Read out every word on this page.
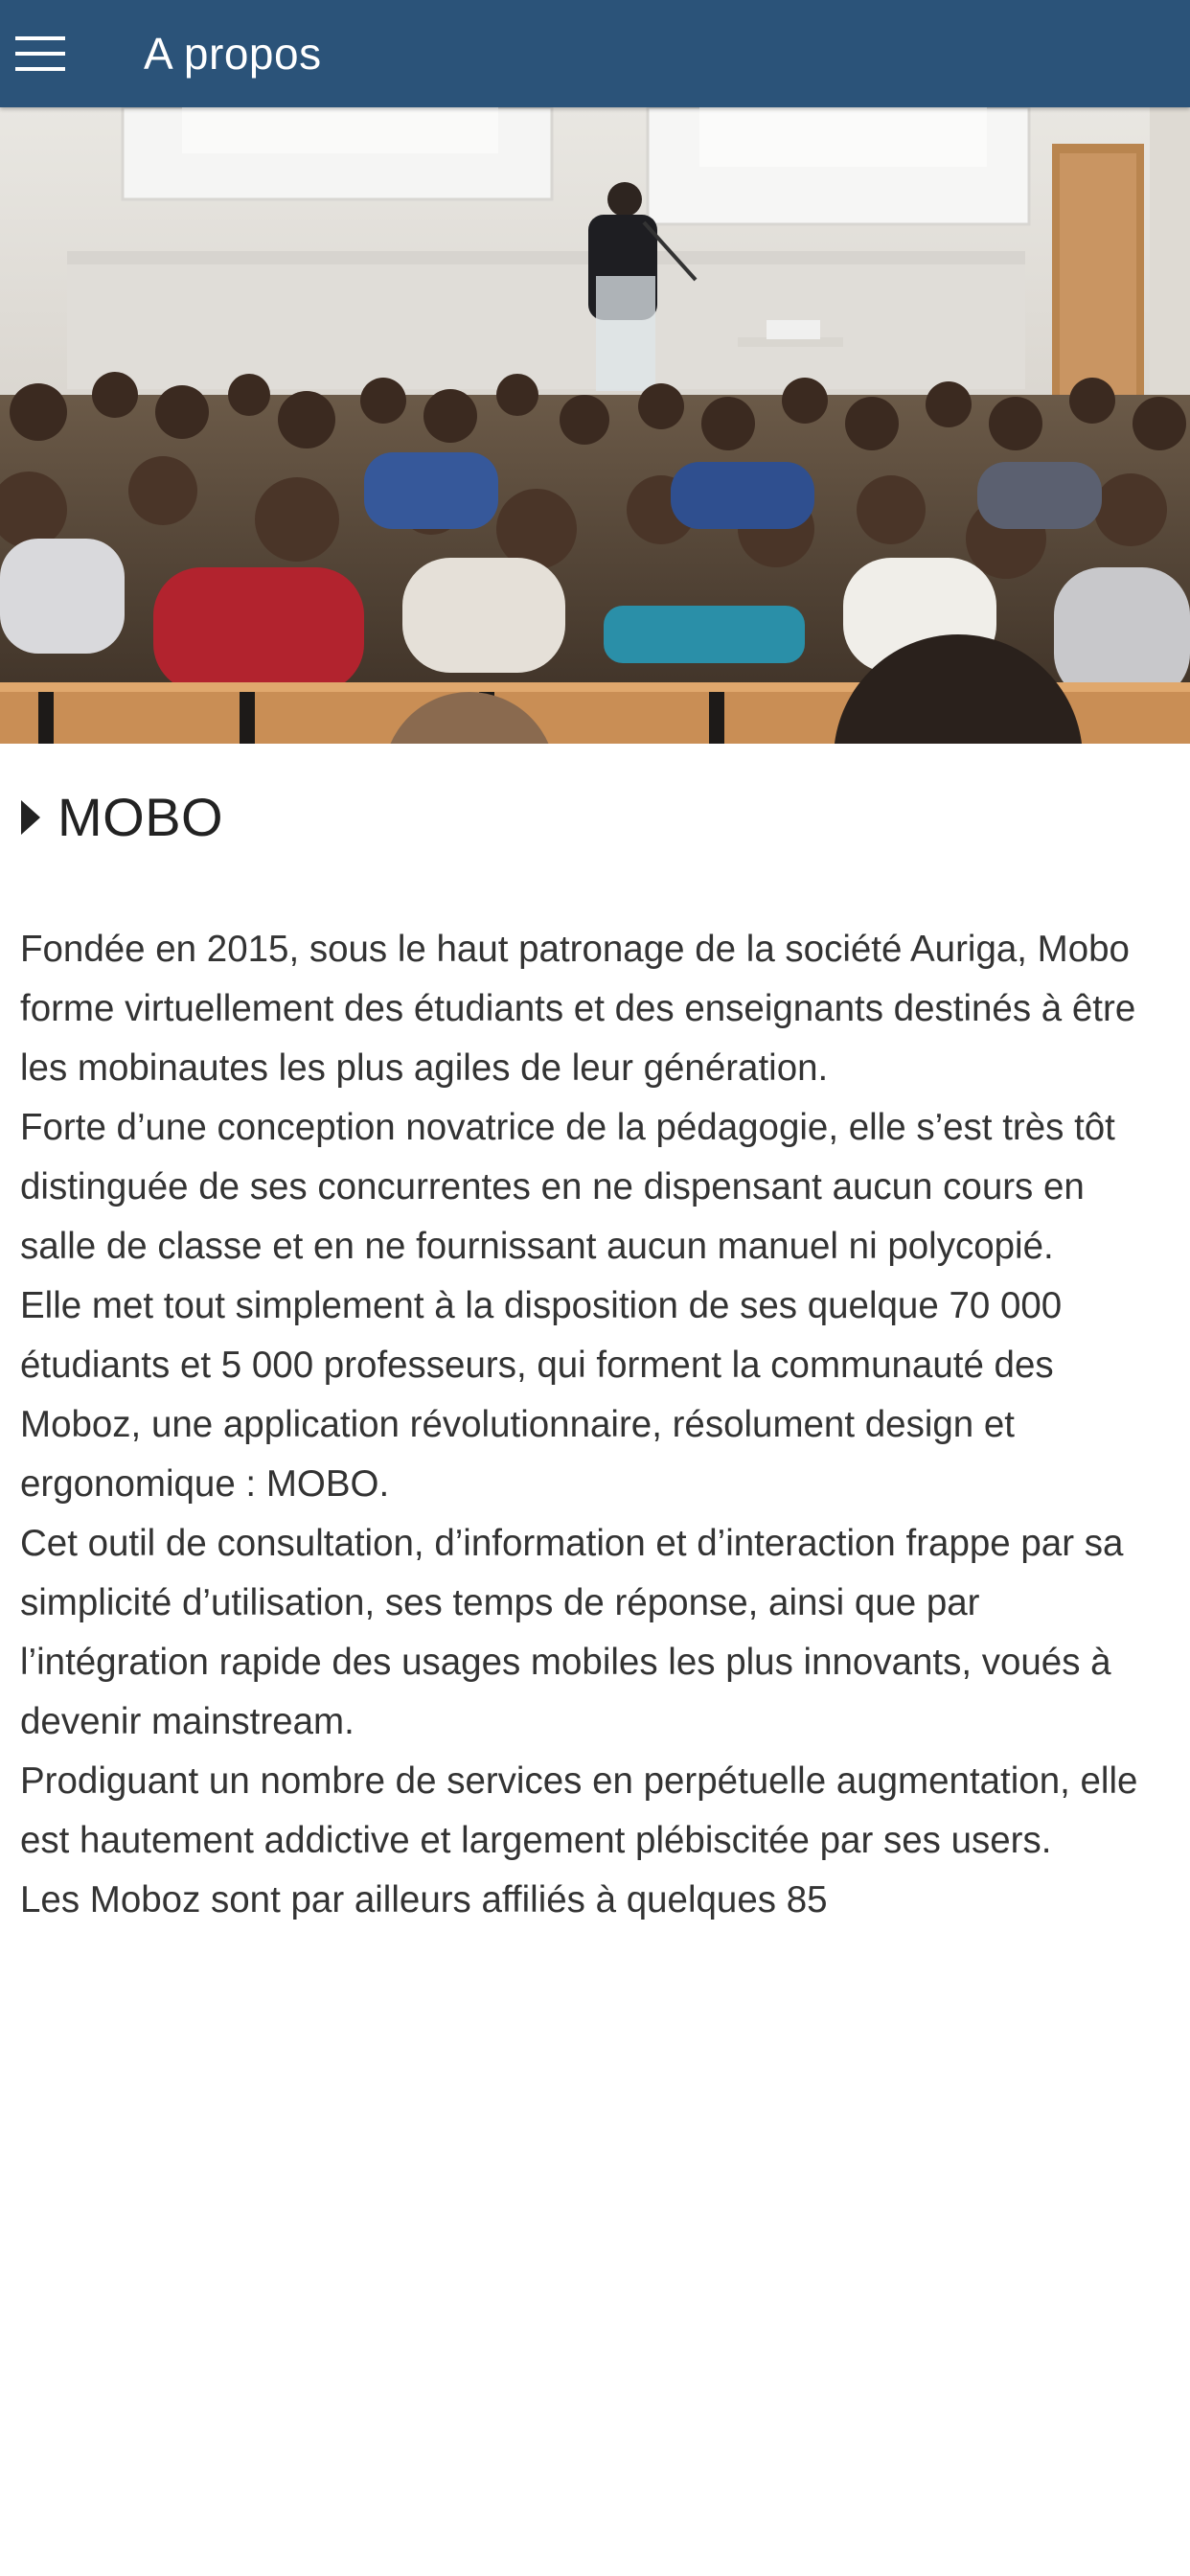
A propos
MOBO

Fondée en 2015, sous le haut patronage de la société Auriga, Mobo forme virtuellement des étudiants et des enseignants destinés à être les mobinautes les plus agiles de leur génération.

Forte d’une conception novatrice de la pédagogie, elle s’est très tôt distinguée de ses concurrentes en ne dispensant aucun cours en salle de classe et en ne fournissant aucun manuel ni polycopié.

Elle met tout simplement à la disposition de ses quelque 70 000 étudiants et 5 000 professeurs, qui forment la communauté des Moboz, une application révolutionnaire, résolument design et ergonomique : MOBO.

Cet outil de consultation, d’information et d’interaction frappe par sa simplicité d’utilisation, ses temps de réponse, ainsi que par l’intégration rapide des usages mobiles les plus innovants, voués à devenir mainstream.

Prodiguant un nombre de services en perpétuelle augmentation, elle est hautement addictive et largement plébiscitée par ses users.

Les Moboz sont par ailleurs affiliés à quelques 85
